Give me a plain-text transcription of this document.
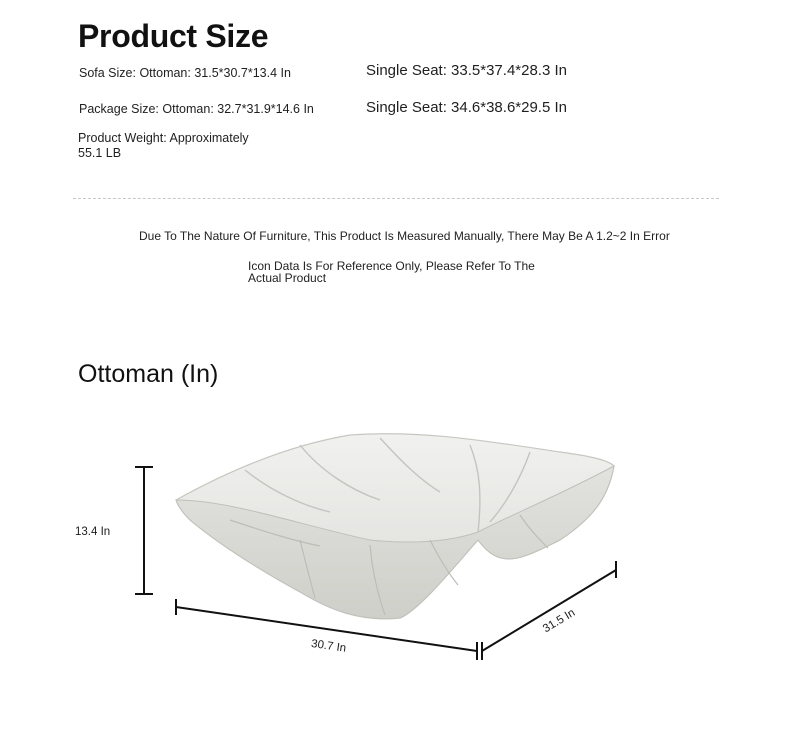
Product Size
Sofa Size: Ottoman: 31.5*30.7*13.4 In	Single Seat: 33.5*37.4*28.3 In
Package Size: Ottoman: 32.7*31.9*14.6 In	Single Seat: 34.6*38.6*29.5 In
Product Weight: Approximately
55.1 LB
Due To The Nature Of Furniture, This Product Is Measured Manually, There May Be A 1.2~2 In Error
Icon Data Is For Reference Only, Please Refer To The
Actual Product
Ottoman (In)
13.4 In
30.7 In
31.5 In
